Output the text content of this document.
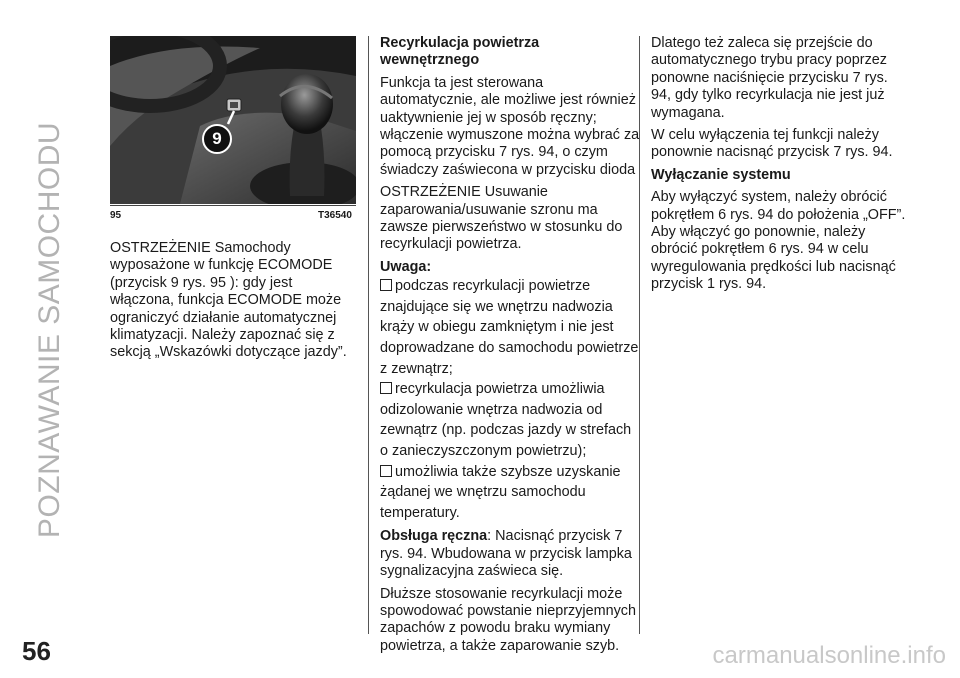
POZNAWANIE SAMOCHODU	9
95	T36540

OSTRZEŻENIE Samochody wyposażone w funkcję ECOMODE (przycisk 9 rys. 95 ): gdy jest włączona, funkcja ECOMODE może ograniczyć działanie automatycznej klimatyzacji. Należy zapoznać się z sekcją „Wskazówki dotyczące jazdy”.

Recyrkulacja powietrza wewnętrznego

Funkcja ta jest sterowana automatycznie, ale możliwe jest również uaktywnienie jej w sposób ręczny; włączenie wymuszone można wybrać za pomocą przycisku 7 rys. 94, o czym świadczy zaświecona w przycisku dioda

OSTRZEŻENIE Usuwanie zaparowania/usuwanie szronu ma zawsze pierwszeństwo w stosunku do recyrkulacji powietrza.

Uwaga:
podczas recyrkulacji powietrze znajdujące się we wnętrzu nadwozia krąży w obiegu zamkniętym i nie jest doprowadzane do samochodu powietrze z zewnątrz;
recyrkulacja powietrza umożliwia odizolowanie wnętrza nadwozia od zewnątrz (np. podczas jazdy w strefach o zanieczyszczonym powietrzu);
umożliwia także szybsze uzyskanie żądanej we wnętrzu samochodu temperatury.

Obsługa ręczna: Nacisnąć przycisk 7 rys. 94. Wbudowana w przycisk lampka sygnalizacyjna zaświeca się.

Dłuższe stosowanie recyrkulacji może spowodować powstanie nieprzyjemnych zapachów z powodu braku wymiany powietrza, a także zaparowanie szyb.

Dlatego też zaleca się przejście do automatycznego trybu pracy poprzez ponowne naciśnięcie przycisku 7 rys. 94, gdy tylko recyrkulacja nie jest już wymagana.

W celu wyłączenia tej funkcji należy ponownie nacisnąć przycisk 7 rys. 94.

Wyłączanie systemu

Aby wyłączyć system, należy obrócić pokrętłem 6 rys. 94 do położenia „OFF”. Aby włączyć go ponownie, należy obrócić pokrętłem 6 rys. 94 w celu wyregulowania prędkości lub nacisnąć przycisk 1 rys. 94.

56	carmanualsonline.info
